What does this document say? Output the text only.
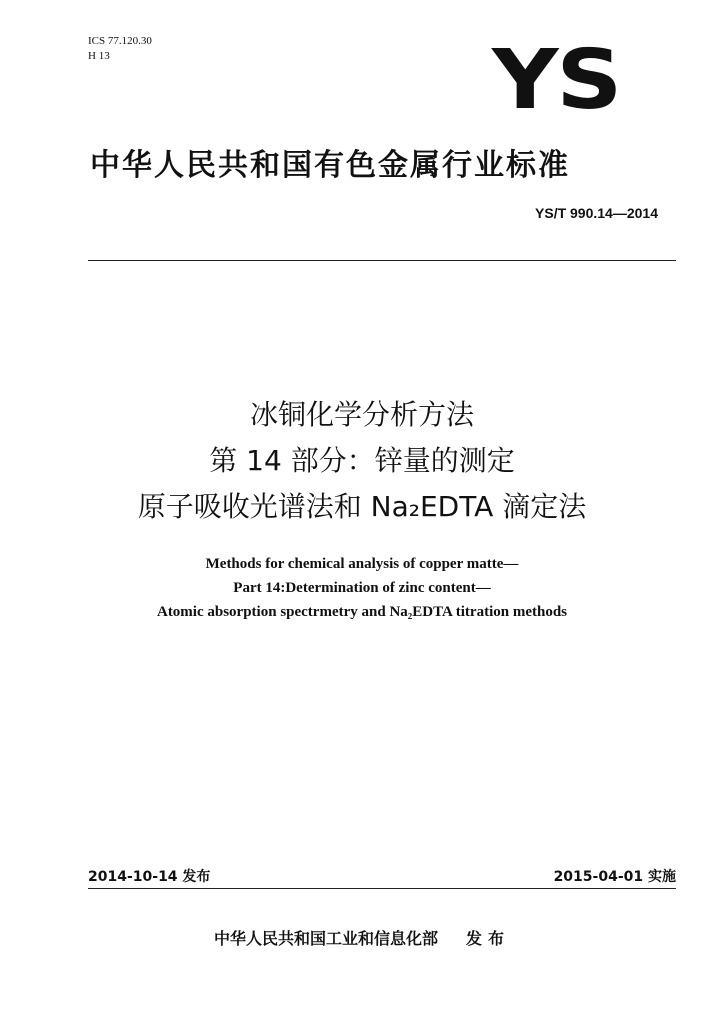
ICS 77.120.30
H 13	YS
中华人民共和国有色金属行业标准
YS/T 990.14—2014
冰铜化学分析方法
第 14 部分：锌量的测定
原子吸收光谱法和 Na₂EDTA 滴定法
Methods for chemical analysis of copper matte—
Part 14:Determination of zinc content—
Atomic absorption spectrmetry and Na₂EDTA titration methods
2014-10-14 发布	2015-04-01 实施
中华人民共和国工业和信息化部 发布
